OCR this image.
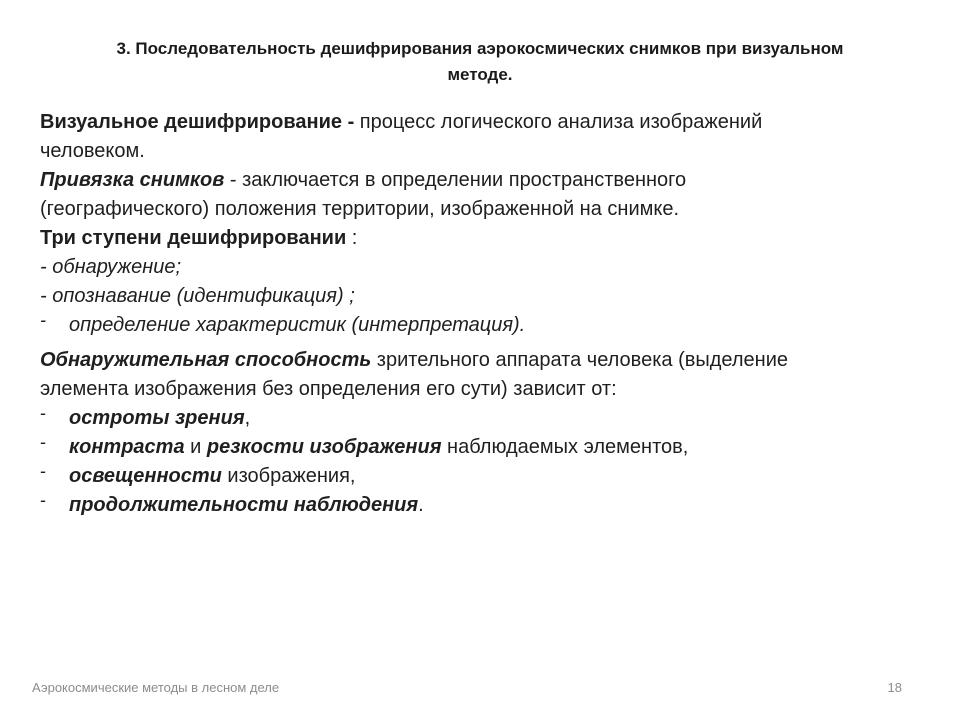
3. Последовательность дешифрирования аэрокосмических снимков при визуальном
методе.

Визуальное дешифрирование - процесс логического анализа изображений
человеком.

Привязка снимков - заключается в определении пространственного
(географического) положения территории, изображенной на снимке.

Три ступени дешифрировании :

- обнаружение;

- опознавание (идентификация) ;

- определение характеристик (интерпретация).

Обнаружительная способность зрительного аппарата человека (выделение
элемента изображения без определения его сути) зависит от:

- остроты зрения,

- контраста и резкости изображения наблюдаемых элементов,

- освещенности изображения,

- продолжительности наблюдения.

Аэрокосмические методы в лесном деле	18
